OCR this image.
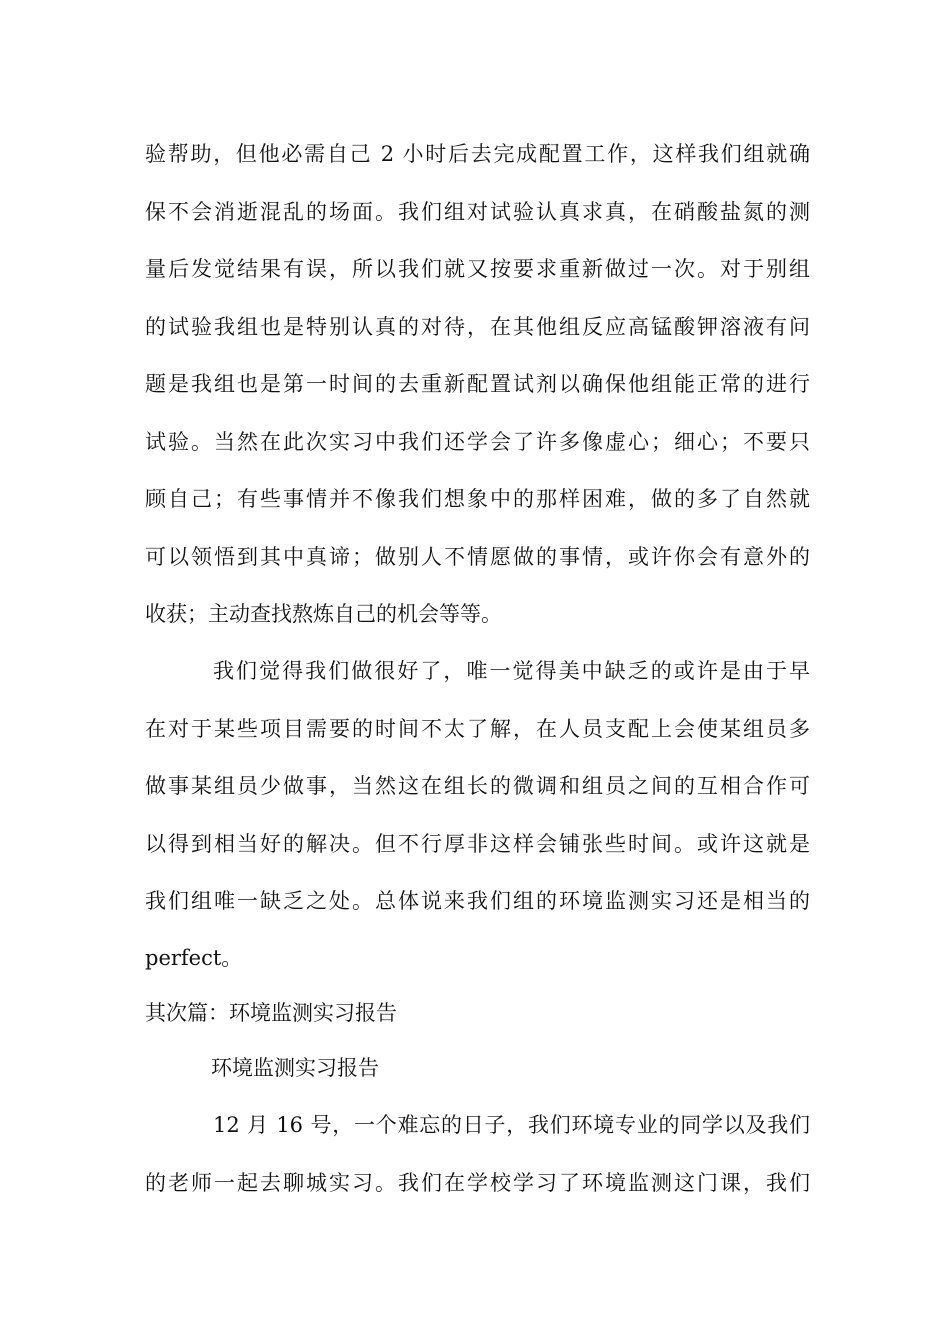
验帮助，但他必需自己 2 小时后去完成配置工作，这样我们组就确
保不会消逝混乱的场面。我们组对试验认真求真，在硝酸盐氮的测
量后发觉结果有误，所以我们就又按要求重新做过一次。对于别组
的试验我组也是特别认真的对待，在其他组反应高锰酸钾溶液有问
题是我组也是第一时间的去重新配置试剂以确保他组能正常的进行
试验。当然在此次实习中我们还学会了许多像虚心；细心；不要只
顾自己；有些事情并不像我们想象中的那样困难，做的多了自然就
可以领悟到其中真谛；做别人不情愿做的事情，或许你会有意外的
收获；主动查找熬炼自己的机会等等。
我们觉得我们做很好了，唯一觉得美中缺乏的或许是由于早
在对于某些项目需要的时间不太了解，在人员支配上会使某组员多
做事某组员少做事，当然这在组长的微调和组员之间的互相合作可
以得到相当好的解决。但不行厚非这样会铺张些时间。或许这就是
我们组唯一缺乏之处。总体说来我们组的环境监测实习还是相当的
perfect。
其次篇：环境监测实习报告
环境监测实习报告
12 月 16 号，一个难忘的日子，我们环境专业的同学以及我们
的老师一起去聊城实习。我们在学校学习了环境监测这门课，我们
